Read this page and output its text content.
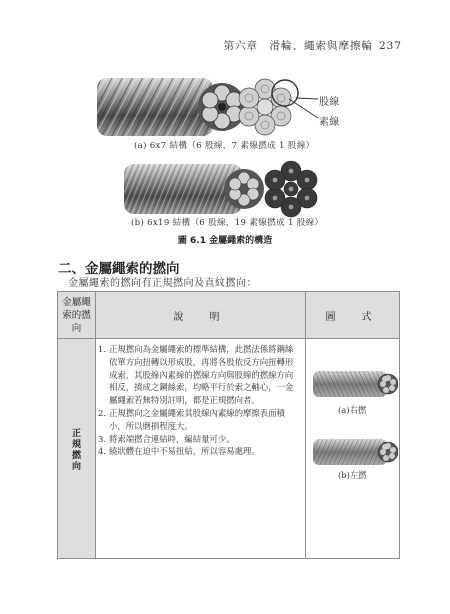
第六章　滑輪、繩索與摩擦輪 237
股線
素線
(a) 6x7 結構（6 股線，7 素線撚成 1 股線）
(b) 6x19 結構（6 股線，19 素線撚成 1 股線）
圖 6.1 金屬繩索的構造
二、金屬繩索的撚向
金屬繩索的撚向有正規撚向及直紋撚向：
金屬繩索的撚向
說　明	圖　式
正
規
撚
向
1. 正規撚向為金屬繩索的標準結構，此撚法係將鋼絲依單方向扭轉以形成股，再將各股依反方向扭轉形成索，其股線內素線的撚線方向與股線的撚線方向相反，撓成之鋼絲索，均略平行於索之軸心，一金屬繩索若無特別註明，都是正規撚向者。
2. 正規撚向之金屬繩索其股線內素線的摩擦表面積小，所以磨損程度大。
3. 將索端撚合連結時，編結量可少。
4. 繞狀體在迫中不易扭結，所以容易處理。
(a)右撚
(b)左撚
